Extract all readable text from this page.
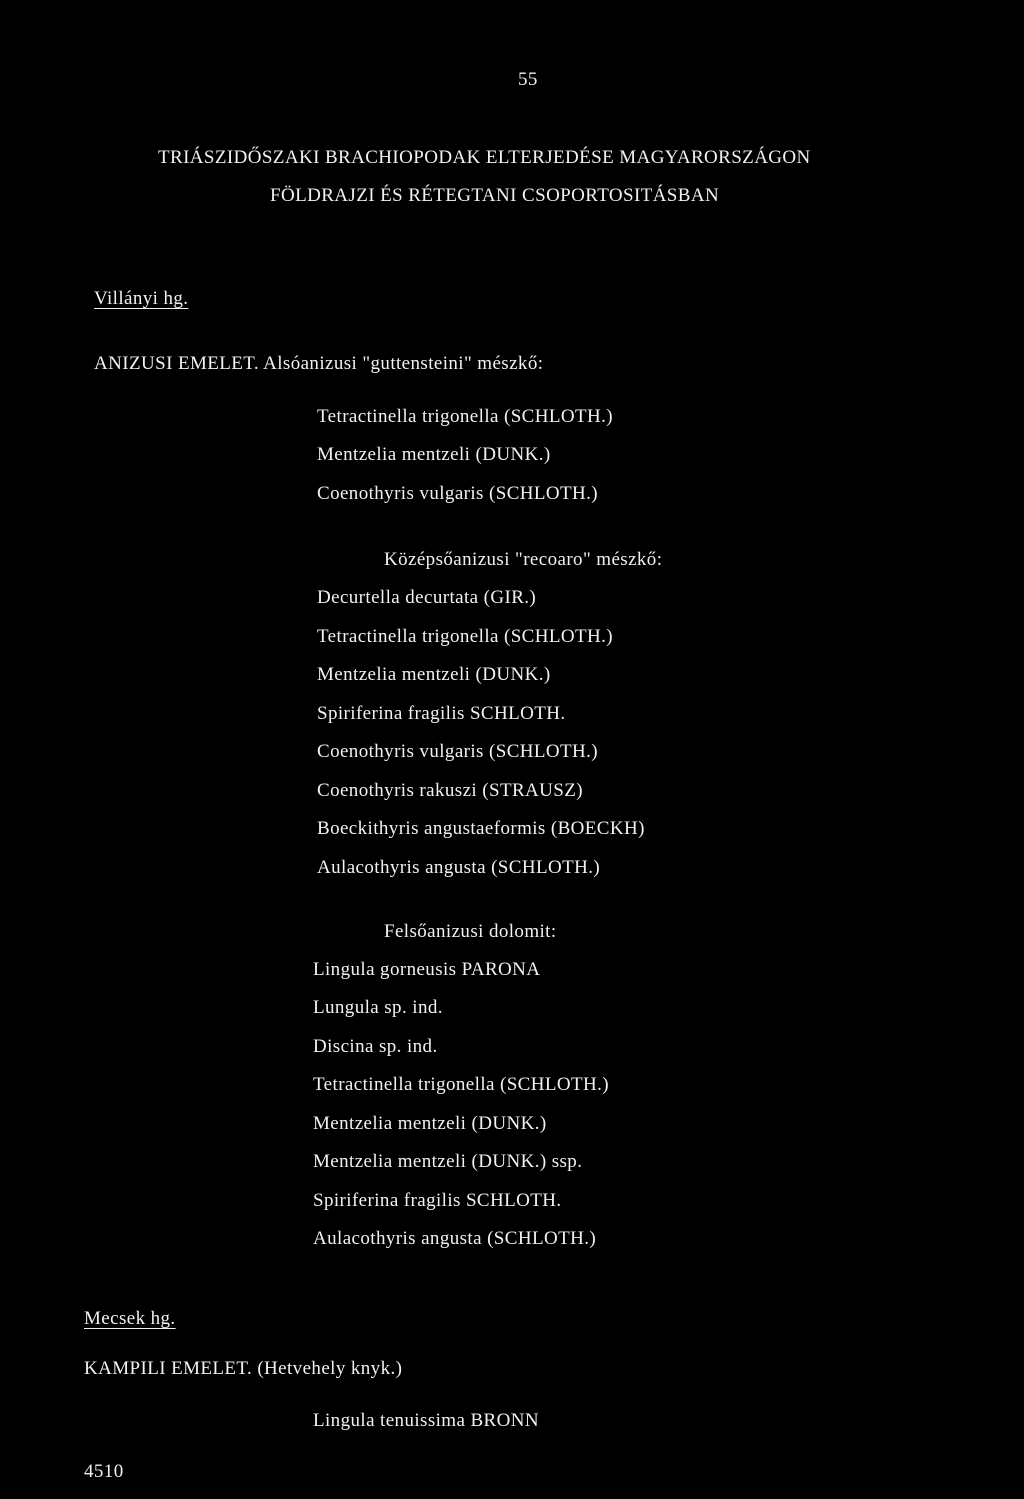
55
TRIÁSZIDŐSZAKI BRACHIOPODAK ELTERJEDÉSE MAGYARORSZÁGON
FÖLDRAJZI ÉS RÉTEGTANI CSOPORTOSITÁSBAN
Villányi hg.
ANIZUSI EMELET. Alsóanizusi "guttensteini" mészkő:
Tetractinella trigonella (SCHLOTH.)
Mentzelia mentzeli (DUNK.)
Coenothyris vulgaris (SCHLOTH.)
Középsőanizusi "recoaro" mészkő:
Decurtella decurtata (GIR.)
Tetractinella trigonella (SCHLOTH.)
Mentzelia mentzeli (DUNK.)
Spiriferina fragilis SCHLOTH.
Coenothyris vulgaris (SCHLOTH.)
Coenothyris rakuszi (STRAUSZ)
Boeckithyris angustaeformis (BOECKH)
Aulacothyris angusta (SCHLOTH.)
Felsőanizusi dolomit:
Lingula gorneusis PARONA
Lungula sp. ind.
Discina sp. ind.
Tetractinella trigonella (SCHLOTH.)
Mentzelia mentzeli (DUNK.)
Mentzelia mentzeli (DUNK.) ssp.
Spiriferina fragilis SCHLOTH.
Aulacothyris angusta (SCHLOTH.)
Mecsek hg.
KAMPILI EMELET. (Hetvehely knyk.)
Lingula tenuissima BRONN
4510
